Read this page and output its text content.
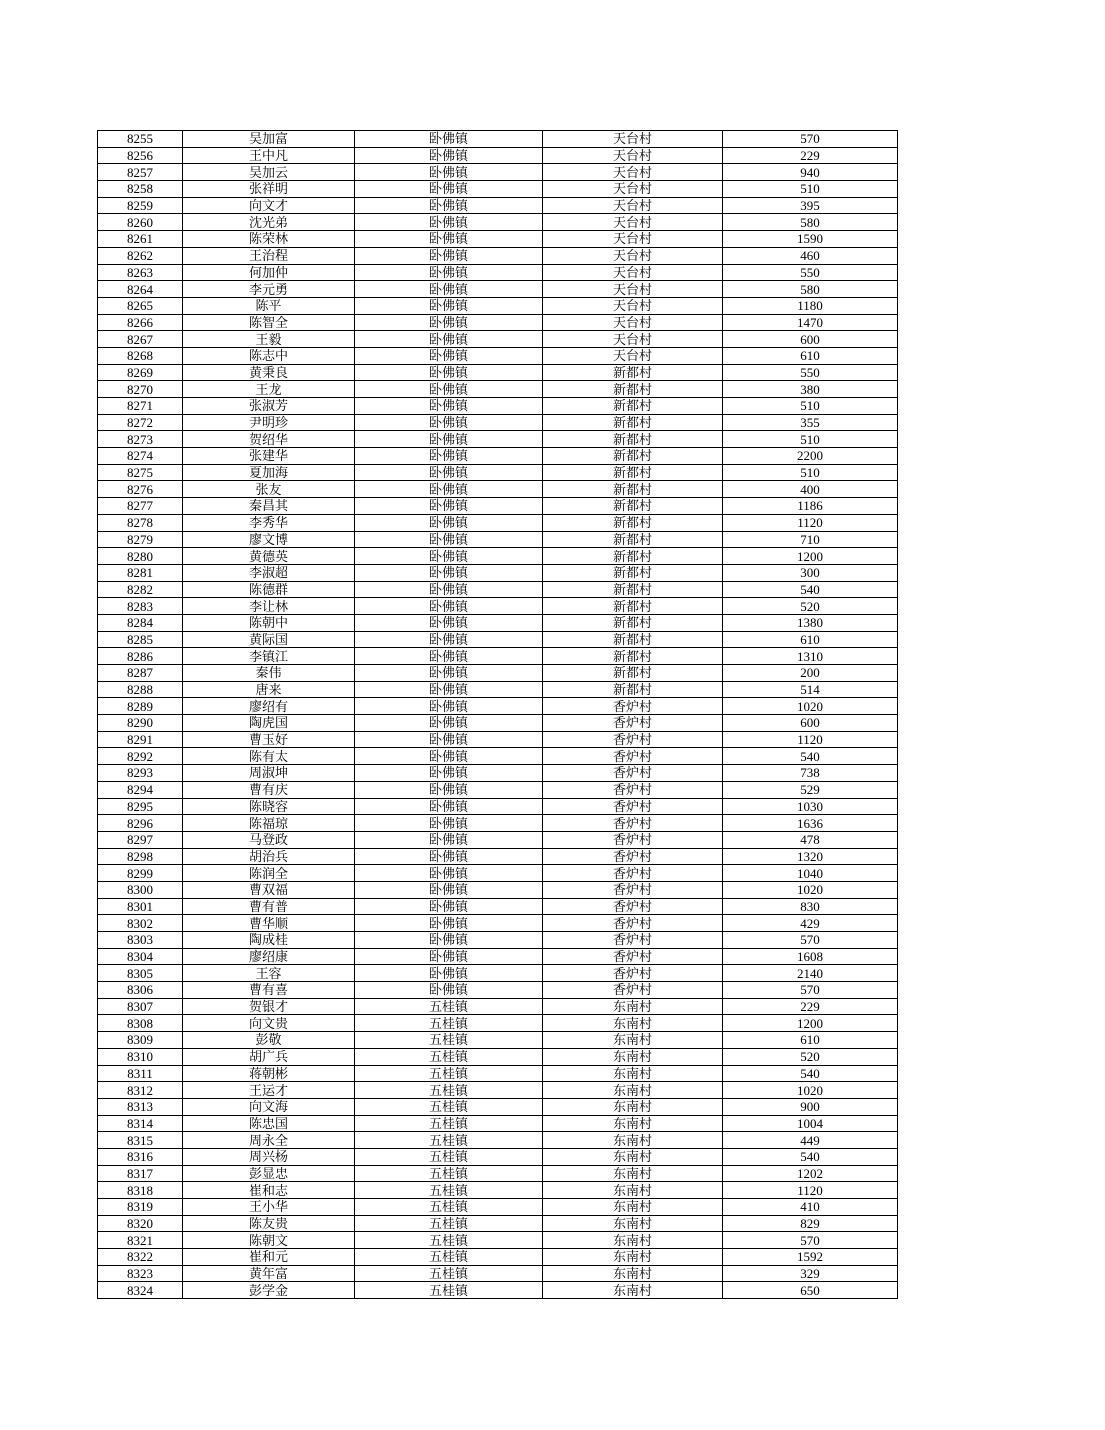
8255	吴加富	卧佛镇	天台村	570
8256	王中凡	卧佛镇	天台村	229
8257	吴加云	卧佛镇	天台村	940
8258	张祥明	卧佛镇	天台村	510
8259	向文才	卧佛镇	天台村	395
8260	沈光弟	卧佛镇	天台村	580
8261	陈荣林	卧佛镇	天台村	1590
8262	王治程	卧佛镇	天台村	460
8263	何加仲	卧佛镇	天台村	550
8264	李元勇	卧佛镇	天台村	580
8265	陈平	卧佛镇	天台村	1180
8266	陈智全	卧佛镇	天台村	1470
8267	王毅	卧佛镇	天台村	600
8268	陈志中	卧佛镇	天台村	610
8269	黄秉良	卧佛镇	新都村	550
8270	王龙	卧佛镇	新都村	380
8271	张淑芳	卧佛镇	新都村	510
8272	尹明珍	卧佛镇	新都村	355
8273	贺绍华	卧佛镇	新都村	510
8274	张建华	卧佛镇	新都村	2200
8275	夏加海	卧佛镇	新都村	510
8276	张友	卧佛镇	新都村	400
8277	秦昌其	卧佛镇	新都村	1186
8278	李秀华	卧佛镇	新都村	1120
8279	廖文博	卧佛镇	新都村	710
8280	黄德英	卧佛镇	新都村	1200
8281	李淑超	卧佛镇	新都村	300
8282	陈德群	卧佛镇	新都村	540
8283	李让林	卧佛镇	新都村	520
8284	陈朝中	卧佛镇	新都村	1380
8285	黄际国	卧佛镇	新都村	610
8286	李镇江	卧佛镇	新都村	1310
8287	秦伟	卧佛镇	新都村	200
8288	唐来	卧佛镇	新都村	514
8289	廖绍有	卧佛镇	香炉村	1020
8290	陶虎国	卧佛镇	香炉村	600
8291	曹玉好	卧佛镇	香炉村	1120
8292	陈有太	卧佛镇	香炉村	540
8293	周淑坤	卧佛镇	香炉村	738
8294	曹有庆	卧佛镇	香炉村	529
8295	陈晓容	卧佛镇	香炉村	1030
8296	陈福琼	卧佛镇	香炉村	1636
8297	马登政	卧佛镇	香炉村	478
8298	胡治兵	卧佛镇	香炉村	1320
8299	陈润全	卧佛镇	香炉村	1040
8300	曹双福	卧佛镇	香炉村	1020
8301	曹有普	卧佛镇	香炉村	830
8302	曹华顺	卧佛镇	香炉村	429
8303	陶成桂	卧佛镇	香炉村	570
8304	廖绍康	卧佛镇	香炉村	1608
8305	王容	卧佛镇	香炉村	2140
8306	曹有喜	卧佛镇	香炉村	570
8307	贺银才	五桂镇	东南村	229
8308	向文贵	五桂镇	东南村	1200
8309	彭敬	五桂镇	东南村	610
8310	胡广兵	五桂镇	东南村	520
8311	蒋朝彬	五桂镇	东南村	540
8312	王运才	五桂镇	东南村	1020
8313	向文海	五桂镇	东南村	900
8314	陈忠国	五桂镇	东南村	1004
8315	周永全	五桂镇	东南村	449
8316	周兴杨	五桂镇	东南村	540
8317	彭显忠	五桂镇	东南村	1202
8318	崔和志	五桂镇	东南村	1120
8319	王小华	五桂镇	东南村	410
8320	陈友贵	五桂镇	东南村	829
8321	陈朝文	五桂镇	东南村	570
8322	崔和元	五桂镇	东南村	1592
8323	黄年富	五桂镇	东南村	329
8324	彭学金	五桂镇	东南村	650
